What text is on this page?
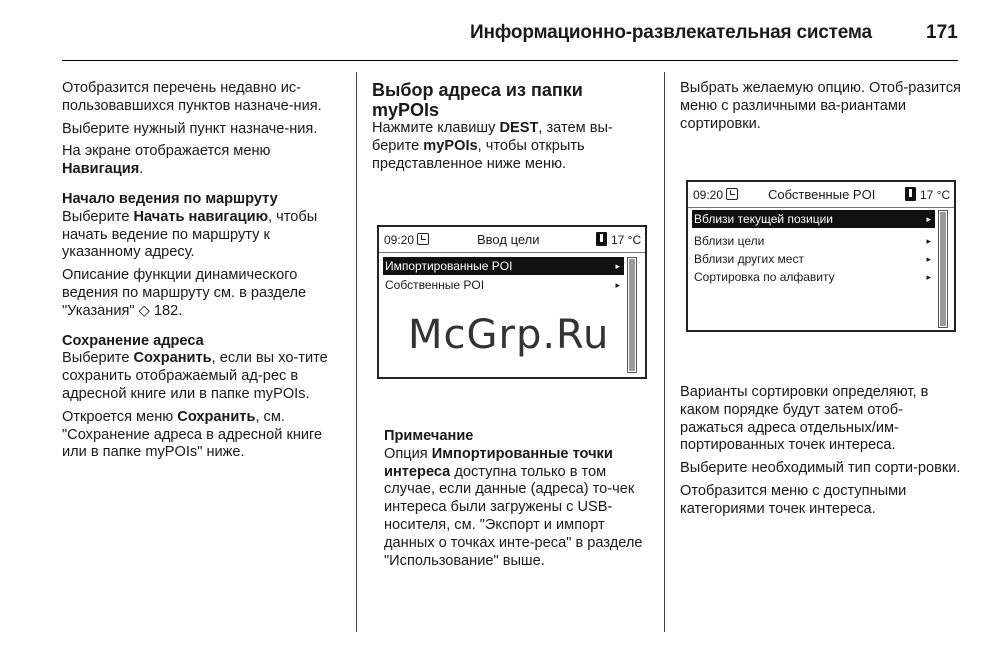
Информационно-развлекательная система	171

Отобразится перечень недавно ис-пользовавшихся пунктов назначе-ния.

Выберите нужный пункт назначе-ния.

На экране отображается меню Навигация.

Начало ведения по маршруту

Выберите Начать навигацию, чтобы начать ведение по маршруту к указанному адресу.

Описание функции динамического ведения по маршруту см. в разделе "Указания" ◇ 182.

Сохранение адреса

Выберите Сохранить, если вы хо-тите сохранить отображаемый ад-рес в адресной книге или в папке myPOIs.

Откроется меню Сохранить, см. "Сохранение адреса в адресной книге или в папке myPOIs" ниже.

Выбор адреса из папки myPOIs

Нажмите клавишу DEST, затем вы-берите myPOIs, чтобы открыть представленное ниже меню.

Примечание

Опция Импортированные точки интереса доступна только в том случае, если данные (адреса) то-чек интереса были загружены с USB-носителя, см. "Экспорт и импорт данных о точках инте-реса" в разделе "Использование" выше.

09:20	Ввод цели	17 °C
Импортированные POI	▸
Собственные POI	▸
McGrp.Ru

Выбрать желаемую опцию. Отоб-разится меню с различными ва-риантами сортировки.

09:20	Собственные POI	17 °C
Вблизи текущей позиции	▸
Вблизи цели	▸
Вблизи других мест	▸
Сортировка по алфавиту	▸

Варианты сортировки определяют, в каком порядке будут затем отоб-ражаться адреса отдельных/им-портированных точек интереса.

Выберите необходимый тип сорти-ровки.

Отобразится меню с доступными категориями точек интереса.
